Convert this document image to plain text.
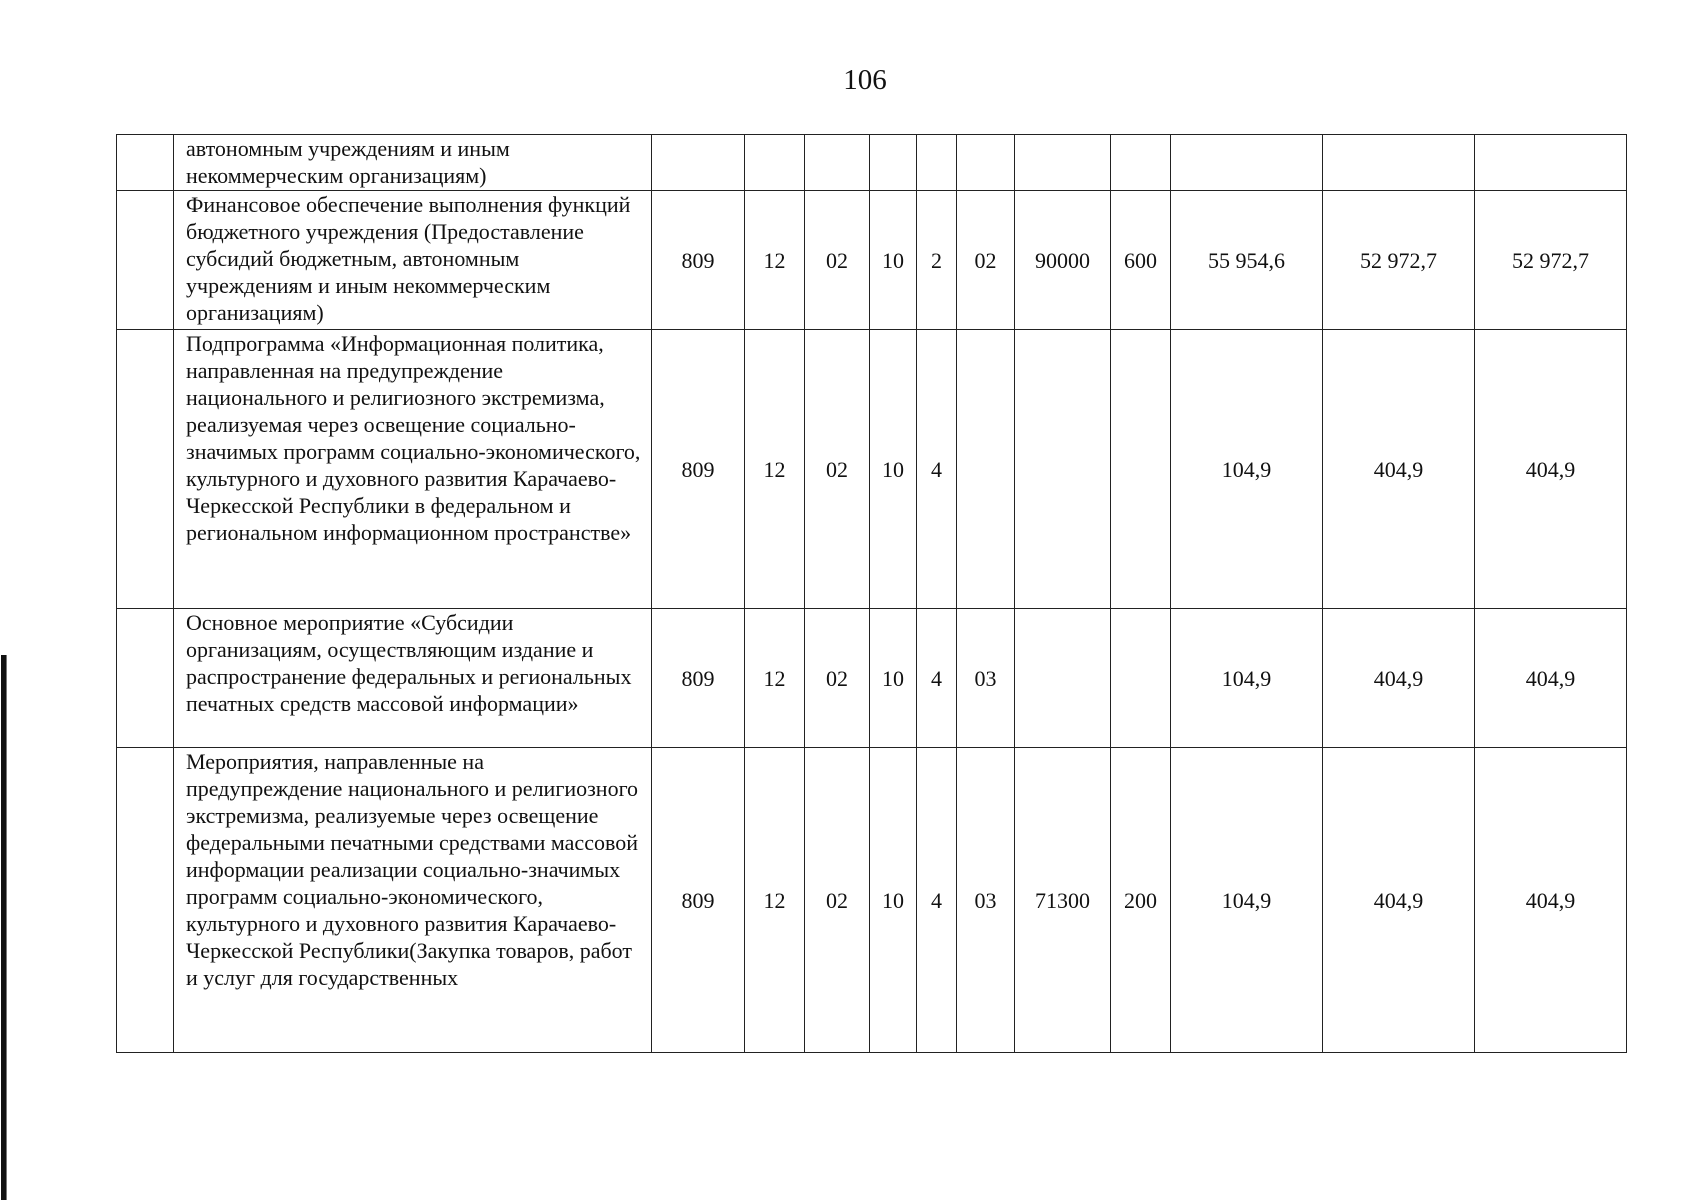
106
	автономным учреждениям и иным некоммерческим организациям)											
	Финансовое обеспечение выполнения функций бюджетного учреждения (Предоставление субсидий бюджетным, автономным учреждениям и иным некоммерческим организациям)	809	12	02	10	2	02	90000	600	55 954,6	52 972,7	52 972,7
	Подпрограмма «Информационная политика, направленная на предупреждение национального и религиозного экстремизма, реализуемая через освещение социально-значимых программ социально-экономического, культурного и духовного развития Карачаево-Черкесской Республики в федеральном и региональном информационном пространстве»	809	12	02	10	4				104,9	404,9	404,9
	Основное мероприятие «Субсидии организациям, осуществляющим издание и распространение федеральных и региональных печатных средств массовой информации»	809	12	02	10	4	03			104,9	404,9	404,9
	Мероприятия, направленные на предупреждение национального и религиозного экстремизма, реализуемые через освещение федеральными печатными средствами массовой информации реализации социально-значимых программ социально-экономического, культурного и духовного развития Карачаево-Черкесской Республики(Закупка товаров, работ и услуг для государственных	809	12	02	10	4	03	71300	200	104,9	404,9	404,9
